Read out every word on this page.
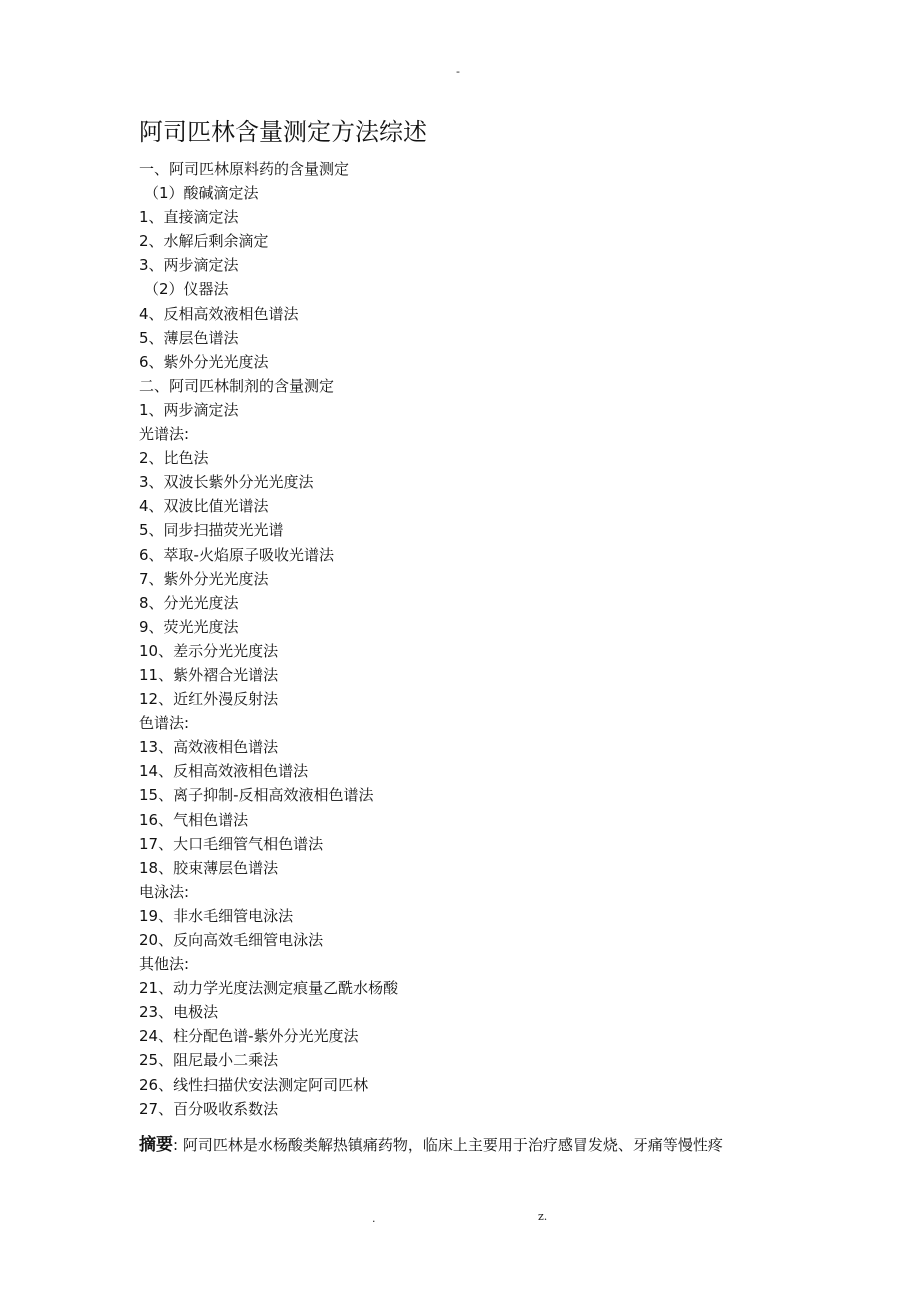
-
阿司匹林含量测定方法综述
一、阿司匹林原料药的含量测定
（1）酸碱滴定法
1、直接滴定法
2、水解后剩余滴定
3、两步滴定法
（2）仪器法
4、反相高效液相色谱法
5、薄层色谱法
6、紫外分光光度法
二、阿司匹林制剂的含量测定
1、两步滴定法
光谱法:
2、比色法
3、双波长紫外分光光度法
4、双波比值光谱法
5、同步扫描荧光光谱
6、萃取-火焰原子吸收光谱法
7、紫外分光光度法
8、分光光度法
9、荧光光度法
10、差示分光光度法
11、紫外褶合光谱法
12、近红外漫反射法
色谱法:
13、高效液相色谱法
14、反相高效液相色谱法
15、离子抑制-反相高效液相色谱法
16、气相色谱法
17、大口毛细管气相色谱法
18、胶束薄层色谱法
电泳法:
19、非水毛细管电泳法
20、反向高效毛细管电泳法
其他法:
21、动力学光度法测定痕量乙酰水杨酸
23、电极法
24、柱分配色谱-紫外分光光度法
25、阻尼最小二乘法
26、线性扫描伏安法测定阿司匹林
27、百分吸收系数法
摘要: 阿司匹林是水杨酸类解热镇痛药物，临床上主要用于治疗感冒发烧、牙痛等慢性疼
.	z.
